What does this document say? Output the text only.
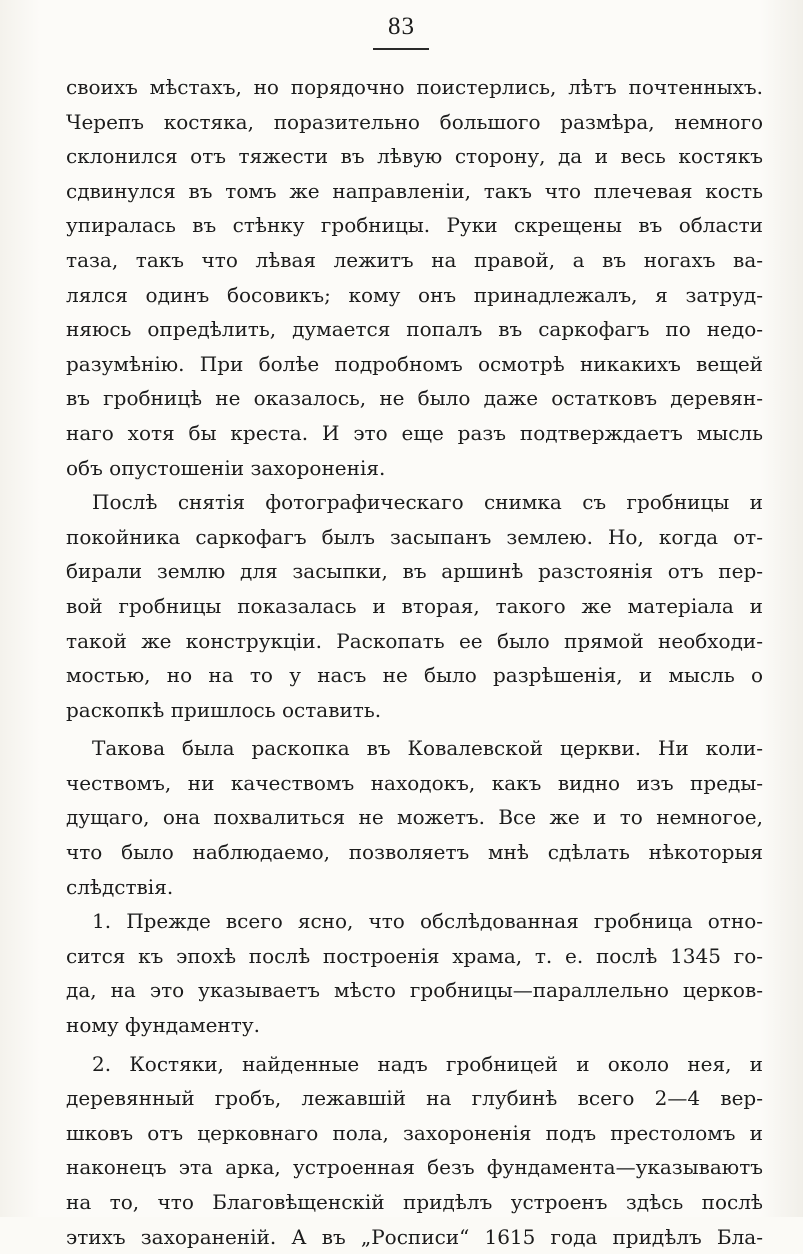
83
своихъ мѣстахъ, но порядочно поистерлись, лѣтъ почтенныхъ.
Черепъ костяка, поразительно большого размѣра, немного
склонился отъ тяжести въ лѣвую сторону, да и весь костякъ
сдвинулся въ томъ же направленіи, такъ что плечевая кость
упиралась въ стѣнку гробницы. Руки скрещены въ области
таза, такъ что лѣвая лежитъ на правой, а въ ногахъ ва-
лялся одинъ босовикъ; кому онъ принадлежалъ, я затруд-
няюсь опредѣлить, думается попалъ въ саркофагъ по недо-
разумѣнію. При болѣе подробномъ осмотрѣ никакихъ вещей
въ гробницѣ не оказалось, не было даже остатковъ деревян-
наго хотя бы креста. И это еще разъ подтверждаетъ мысль
объ опустошеніи захороненія.
Послѣ снятія фотографическаго снимка съ гробницы и
покойника саркофагъ былъ засыпанъ землею. Но, когда от-
бирали землю для засыпки, въ аршинѣ разстоянія отъ пер-
вой гробницы показалась и вторая, такого же матеріала и
такой же конструкціи. Раскопать ее было прямой необходи-
мостью, но на то у насъ не было разрѣшенія, и мысль о
раскопкѣ пришлось оставить.
Такова была раскопка въ Ковалевской церкви. Ни коли-
чествомъ, ни качествомъ находокъ, какъ видно изъ преды-
дущаго, она похвалиться не можетъ. Все же и то немногое,
что было наблюдаемо, позволяетъ мнѣ сдѣлать нѣкоторыя
слѣдствія.
1. Прежде всего ясно, что обслѣдованная гробница отно-
сится къ эпохѣ послѣ построенія храма, т. е. послѣ 1345 го-
да, на это указываетъ мѣсто гробницы—параллельно церков-
ному фундаменту.
2. Костяки, найденные надъ гробницей и около нея, и
деревянный гробъ, лежавшій на глубинѣ всего 2—4 вер-
шковъ отъ церковнаго пола, захороненія подъ престоломъ и
наконецъ эта арка, устроенная безъ фундамента—указываютъ
на то, что Благовѣщенскій придѣлъ устроенъ здѣсь послѣ
этихъ захораненій. А въ „Росписи“ 1615 года придѣлъ Бла-
